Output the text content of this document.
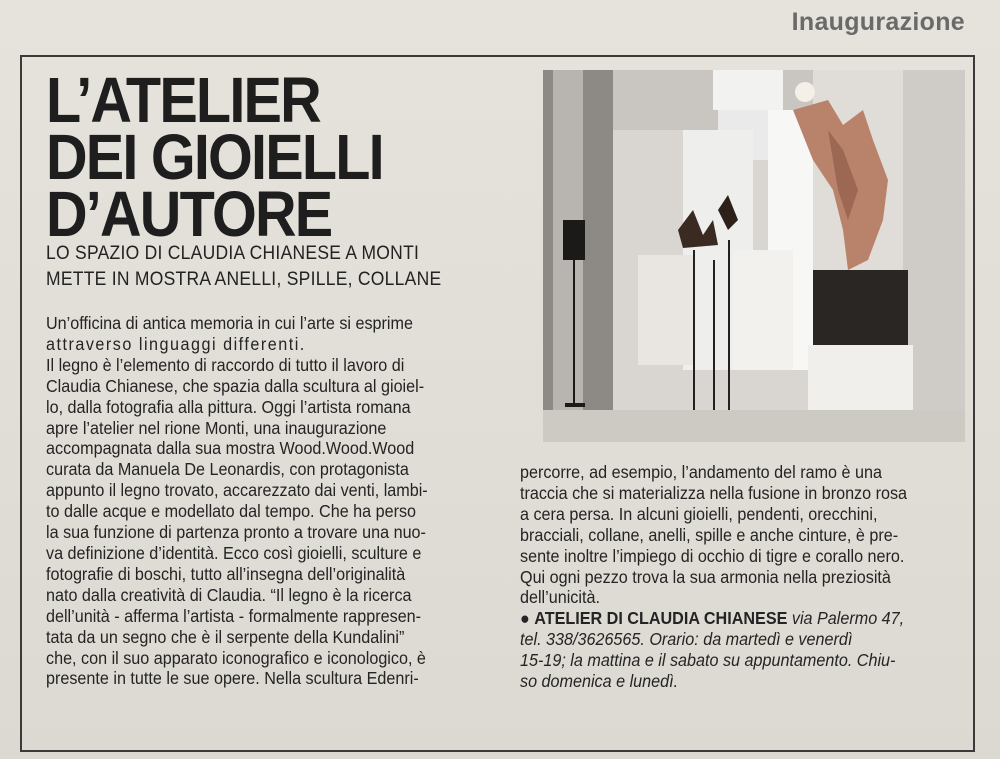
Inaugurazione
L’ATELIER
DEI GIOIELLI
D’AUTORE
LO SPAZIO DI CLAUDIA CHIANESE A MONTI
METTE IN MOSTRA ANELLI, SPILLE, COLLANE
Un’officina di antica memoria in cui l’arte si esprime
attraverso linguaggi differenti.
Il legno è l’elemento di raccordo di tutto il lavoro di
Claudia Chianese, che spazia dalla scultura al gioiel-
lo, dalla fotografia alla pittura. Oggi l’artista romana
apre l’atelier nel rione Monti, una inaugurazione
accompagnata dalla sua mostra Wood.Wood.Wood
curata da Manuela De Leonardis, con protagonista
appunto il legno trovato, accarezzato dai venti, lambi-
to dalle acque e modellato dal tempo. Che ha perso
la sua funzione di partenza pronto a trovare una nuo-
va definizione d’identità. Ecco così gioielli, sculture e
fotografie di boschi, tutto all’insegna dell’originalità
nato dalla creatività di Claudia. “Il legno è la ricerca
dell’unità - afferma l’artista - formalmente rappresen-
tata da un segno che è il serpente della Kundalini”
che, con il suo apparato iconografico e iconologico, è
presente in tutte le sue opere. Nella scultura Edenri-
percorre, ad esempio, l’andamento del ramo è una
traccia che si materializza nella fusione in bronzo rosa
a cera persa. In alcuni gioielli, pendenti, orecchini,
bracciali, collane, anelli, spille e anche cinture, è pre-
sente inoltre l’impiego di occhio di tigre e corallo nero.
Qui ogni pezzo trova la sua armonia nella preziosità
dell’unicità.
● ATELIER DI CLAUDIA CHIANESE via Palermo 47,
tel. 338/3626565. Orario: da martedì e venerdì
15-19; la mattina e il sabato su appuntamento. Chiu-
so domenica e lunedì.
